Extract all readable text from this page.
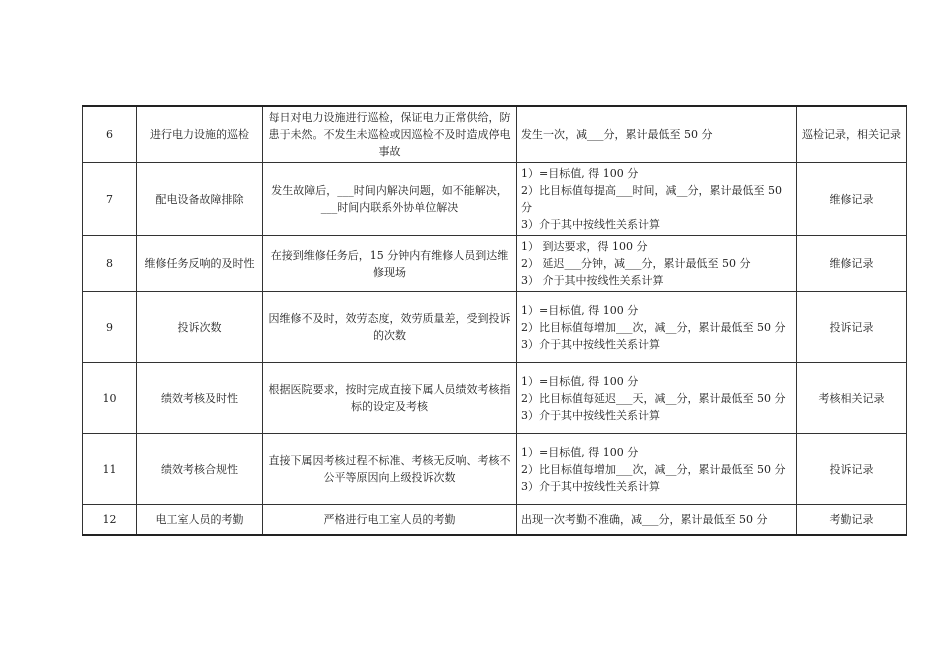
6	进行电力设施的巡检	每日对电力设施进行巡检，保证电力正常供给，防患于未然。不发生未巡检或因巡检不及时造成停电事故	发生一次，减___分，累计最低至 50 分	巡检记录，相关记录
7	配电设备故障排除	发生故障后，___时间内解决问题，如不能解决，
___时间内联系外协单位解决	1）=目标值, 得 100 分
2）比目标值每提高___时间，减__分，累计最低至 50 分
3）介于其中按线性关系计算	维修记录
8	维修任务反响的及时性	在接到维修任务后，15 分钟内有维修人员到达维修现场	1） 到达要求，得 100 分
2） 延迟___分钟，减___分，累计最低至 50 分
3） 介于其中按线性关系计算	维修记录
9	投诉次数	因维修不及时，效劳态度，效劳质量差，受到投诉的次数	1）=目标值, 得 100 分
2）比目标值每增加___次，减__分，累计最低至 50 分
3）介于其中按线性关系计算	投诉记录
10	绩效考核及时性	根据医院要求，按时完成直接下属人员绩效考核指标的设定及考核	1）=目标值, 得 100 分
2）比目标值每延迟___天，减__分，累计最低至 50 分
3）介于其中按线性关系计算	考核相关记录
11	绩效考核合规性	直接下属因考核过程不标准、考核无反响、考核不公平等原因向上级投诉次数	1）=目标值, 得 100 分
2）比目标值每增加___次，减__分，累计最低至 50 分
3）介于其中按线性关系计算	投诉记录
12	电工室人员的考勤	严格进行电工室人员的考勤	出现一次考勤不准确，减___分，累计最低至 50 分	考勤记录
